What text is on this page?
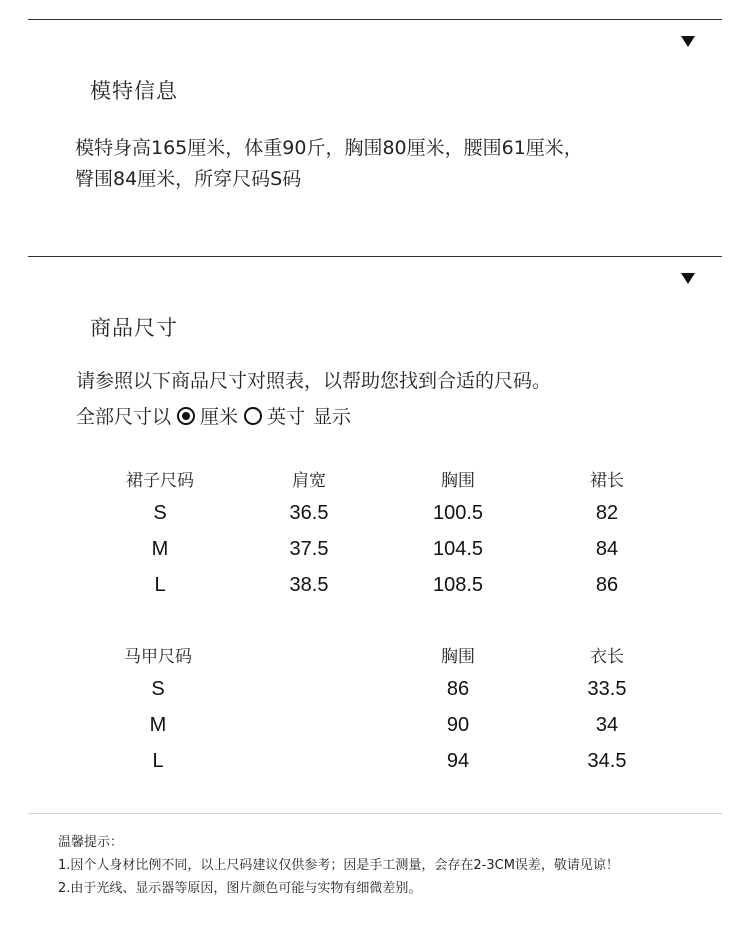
模特信息
模特身高165厘米，体重90斤，胸围80厘米，腰围61厘米，
臀围84厘米，所穿尺码S码
商品尺寸
请参照以下商品尺寸对照表，以帮助您找到合适的尺码。
全部尺寸以 厘米 英寸 显示
裙子尺码	肩宽	胸围	裙长
S	36.5	100.5	82
M	37.5	104.5	84
L	38.5	108.5	86
马甲尺码	胸围	衣长
S	86	33.5
M	90	34
L	94	34.5
温馨提示：
1.因个人身材比例不同，以上尺码建议仅供参考；因是手工测量，会存在2-3CM误差，敬请见谅！
2.由于光线、显示器等原因，图片颜色可能与实物有细微差别。
